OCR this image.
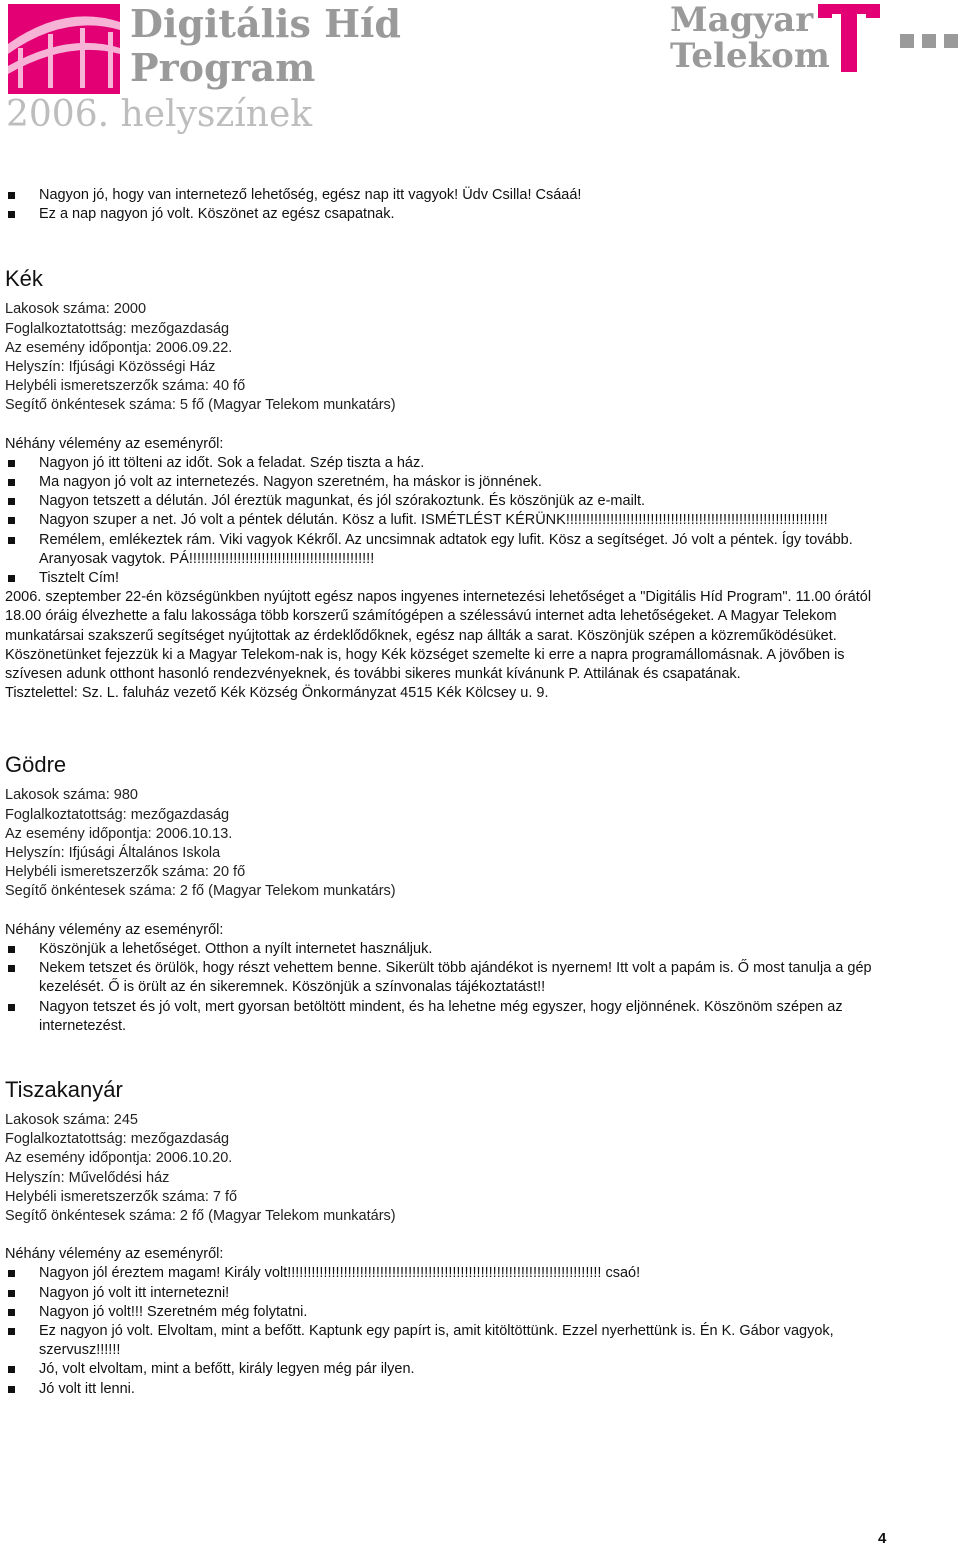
Digitális Híd
Program
Magyar
Telekom
2006. helyszínek
Nagyon jó, hogy van internetező lehetőség, egész nap itt vagyok! Üdv Csilla! Csáaá!
Ez a nap nagyon jó volt. Köszönet az egész csapatnak.
Kék
Lakosok száma: 2000
Foglalkoztatottság: mezőgazdaság
Az esemény időpontja: 2006.09.22.
Helyszín: Ifjúsági Közösségi Ház
Helybéli ismeretszerzők száma: 40 fő
Segítő önkéntesek száma: 5 fő (Magyar Telekom munkatárs)
Néhány vélemény az eseményről:
Nagyon jó itt tölteni az időt. Sok a feladat. Szép tiszta a ház.
Ma nagyon jó volt az internetezés. Nagyon szeretném, ha máskor is jönnének.
Nagyon tetszett a délután. Jól éreztük magunkat, és jól szórakoztunk. És köszönjük az e-mailt.
Nagyon szuper a net. Jó volt a péntek délután. Kösz a lufit. ISMÉTLÉST KÉRÜNK!!!!!!!!!!!!!!!!!!!!!!!!!!!!!!!!!!!!!!!!!!!!!!!!!!!!!!!!!!!!!!!!!
Remélem, emlékeztek rám. Viki vagyok Kékről. Az uncsimnak adtatok egy lufit. Kösz a segítséget. Jó volt a péntek. Így tovább. Aranyosak vagytok. PÁ!!!!!!!!!!!!!!!!!!!!!!!!!!!!!!!!!!!!!!!!!!!!!!
Tisztelt Cím!

2006. szeptember 22-én községünkben nyújtott egész napos ingyenes internetezési lehetőséget a "Digitális Híd Program". 11.00 órától 18.00 óráig élvezhette a falu lakossága több korszerű számítógépen a szélessávú internet adta lehetőségeket. A Magyar Telekom munkatársai szakszerű segítséget nyújtottak az érdeklődőknek, egész nap állták a sarat. Köszönjük szépen a közreműködésüket. Köszönetünket fejezzük ki a Magyar Telekom-nak is, hogy Kék községet szemelte ki erre a napra programállomásnak. A jövőben is szívesen adunk otthont hasonló rendezvényeknek, és további sikeres munkát kívánunk P. Attilának és csapatának.

Tisztelettel: Sz. L. faluház vezető Kék Község Önkormányzat 4515 Kék Kölcsey u. 9.

Gödre
Lakosok száma: 980
Foglalkoztatottság: mezőgazdaság
Az esemény időpontja: 2006.10.13.
Helyszín: Ifjúsági Általános Iskola
Helybéli ismeretszerzők száma: 20 fő
Segítő önkéntesek száma: 2 fő (Magyar Telekom munkatárs)
Néhány vélemény az eseményről:
Köszönjük a lehetőséget. Otthon a nyílt internetet használjuk.
Nekem tetszet és örülök, hogy részt vehettem benne. Sikerült több ajándékot is nyernem! Itt volt a papám is. Ő most tanulja a gép kezelését. Ő is örült az én sikeremnek. Köszönjük a színvonalas tájékoztatást!!
Nagyon tetszet és jó volt, mert gyorsan betöltött mindent, és ha lehetne még egyszer, hogy eljönnének. Köszönöm szépen az internetezést.
Tiszakanyár
Lakosok száma: 245
Foglalkoztatottság: mezőgazdaság
Az esemény időpontja: 2006.10.20.
Helyszín: Művelődési ház
Helybéli ismeretszerzők száma: 7 fő
Segítő önkéntesek száma: 2 fő (Magyar Telekom munkatárs)
Néhány vélemény az eseményről:
Nagyon jól éreztem magam! Király volt!!!!!!!!!!!!!!!!!!!!!!!!!!!!!!!!!!!!!!!!!!!!!!!!!!!!!!!!!!!!!!!!!!!!!!!!!!!!!! csaó!
Nagyon jó volt itt internetezni!
Nagyon jó volt!!! Szeretném még folytatni.
Ez nagyon jó volt. Elvoltam, mint a befőtt. Kaptunk egy papírt is, amit kitöltöttünk. Ezzel nyerhettünk is. Én K. Gábor vagyok, szervusz!!!!!!
Jó, volt elvoltam, mint a befőtt, király legyen még pár ilyen.
Jó volt itt lenni.
4
